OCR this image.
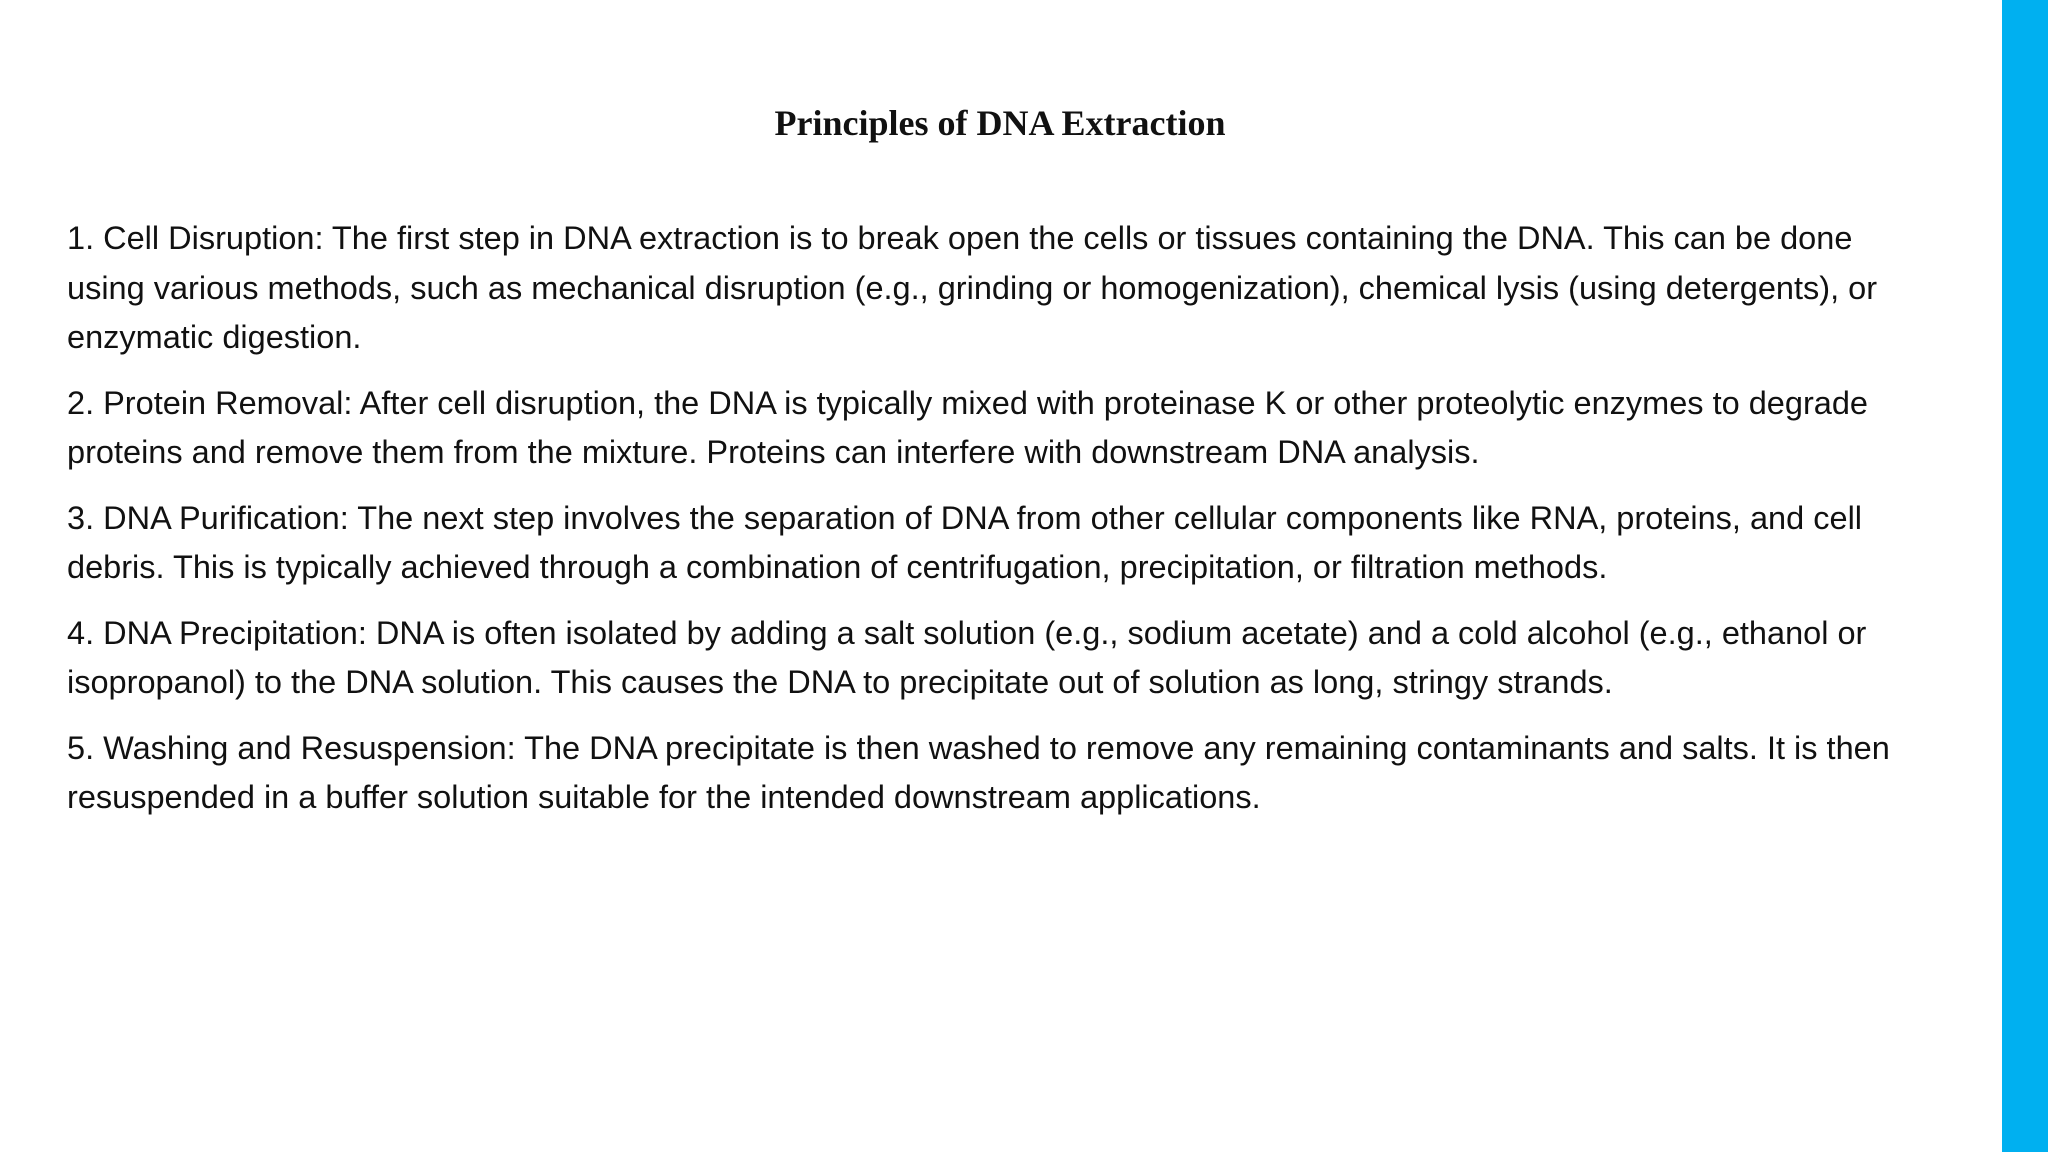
Principles of DNA Extraction

1. Cell Disruption: The first step in DNA extraction is to break open the cells or tissues containing the DNA. This can be done using various methods, such as mechanical disruption (e.g., grinding or homogenization), chemical lysis (using detergents), or enzymatic digestion.

2. Protein Removal: After cell disruption, the DNA is typically mixed with proteinase K or other proteolytic enzymes to degrade proteins and remove them from the mixture. Proteins can interfere with downstream DNA analysis.

3. DNA Purification: The next step involves the separation of DNA from other cellular components like RNA, proteins, and cell debris. This is typically achieved through a combination of centrifugation, precipitation, or filtration methods.

4. DNA Precipitation: DNA is often isolated by adding a salt solution (e.g., sodium acetate) and a cold alcohol (e.g., ethanol or isopropanol) to the DNA solution. This causes the DNA to precipitate out of solution as long, stringy strands.

5. Washing and Resuspension: The DNA precipitate is then washed to remove any remaining contaminants and salts. It is then resuspended in a buffer solution suitable for the intended downstream applications.
